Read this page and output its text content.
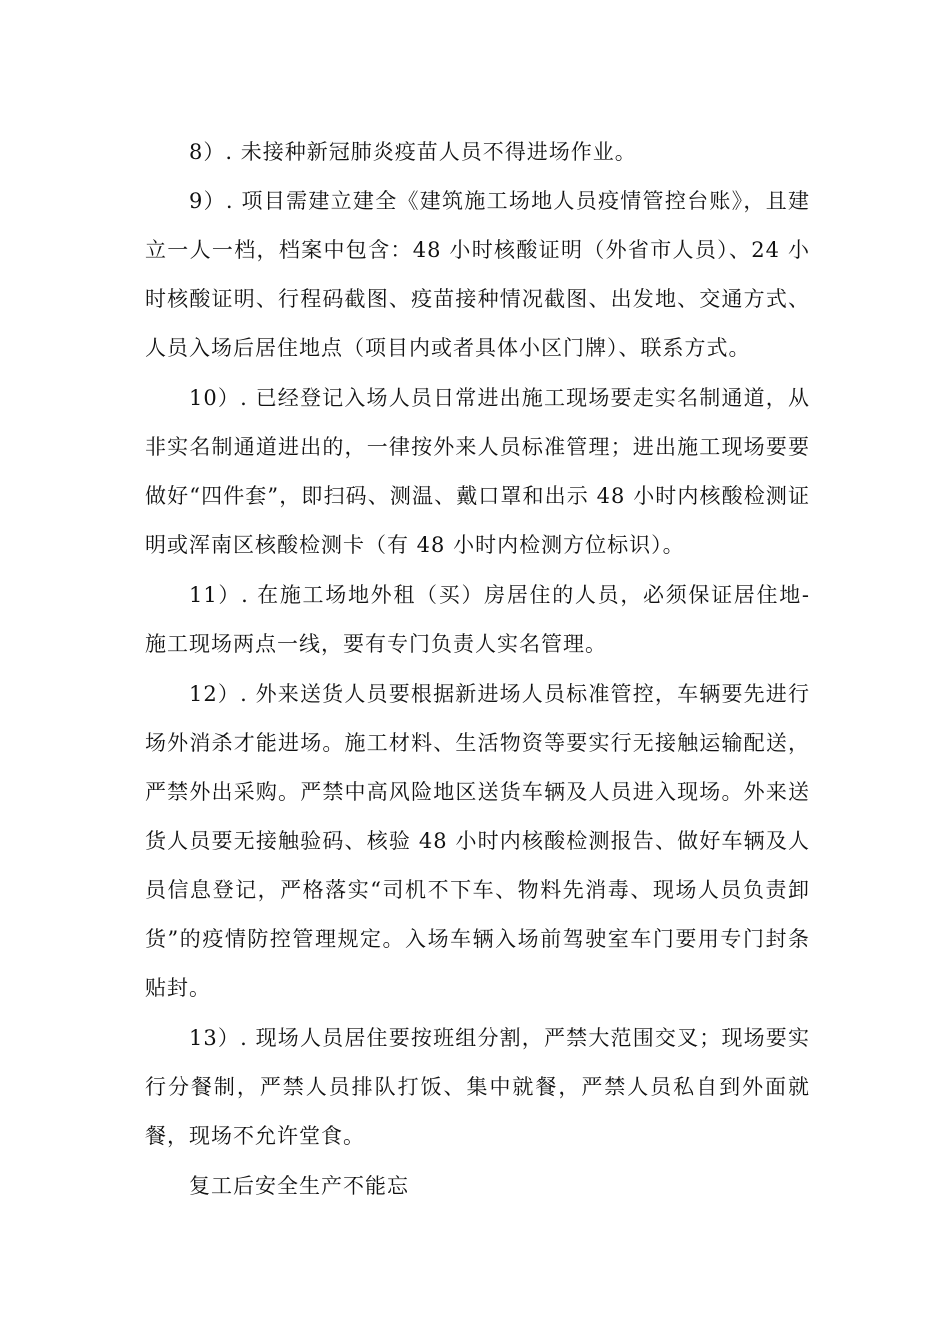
8）. 未接种新冠肺炎疫苗人员不得进场作业。

9）. 项目需建立建全《建筑施工场地人员疫情管控台账》，且建立一人一档，档案中包含：48 小时核酸证明（外省市人员）、24 小时核酸证明、行程码截图、疫苗接种情况截图、出发地、交通方式、人员入场后居住地点（项目内或者具体小区门牌）、联系方式。

10）. 已经登记入场人员日常进出施工现场要走实名制通道，从非实名制通道进出的，一律按外来人员标准管理；进出施工现场要要做好“四件套”，即扫码、测温、戴口罩和出示 48 小时内核酸检测证明或浑南区核酸检测卡（有 48 小时内检测方位标识）。

11）. 在施工场地外租（买）房居住的人员，必须保证居住地-施工现场两点一线，要有专门负责人实名管理。

12）. 外来送货人员要根据新进场人员标准管控，车辆要先进行场外消杀才能进场。施工材料、生活物资等要实行无接触运输配送，严禁外出采购。严禁中高风险地区送货车辆及人员进入现场。外来送货人员要无接触验码、核验 48 小时内核酸检测报告、做好车辆及人员信息登记，严格落实“司机不下车、物料先消毒、现场人员负责卸货”的疫情防控管理规定。入场车辆入场前驾驶室车门要用专门封条贴封。

13）. 现场人员居住要按班组分割，严禁大范围交叉；现场要实行分餐制，严禁人员排队打饭、集中就餐，严禁人员私自到外面就餐，现场不允许堂食。

复工后安全生产不能忘
